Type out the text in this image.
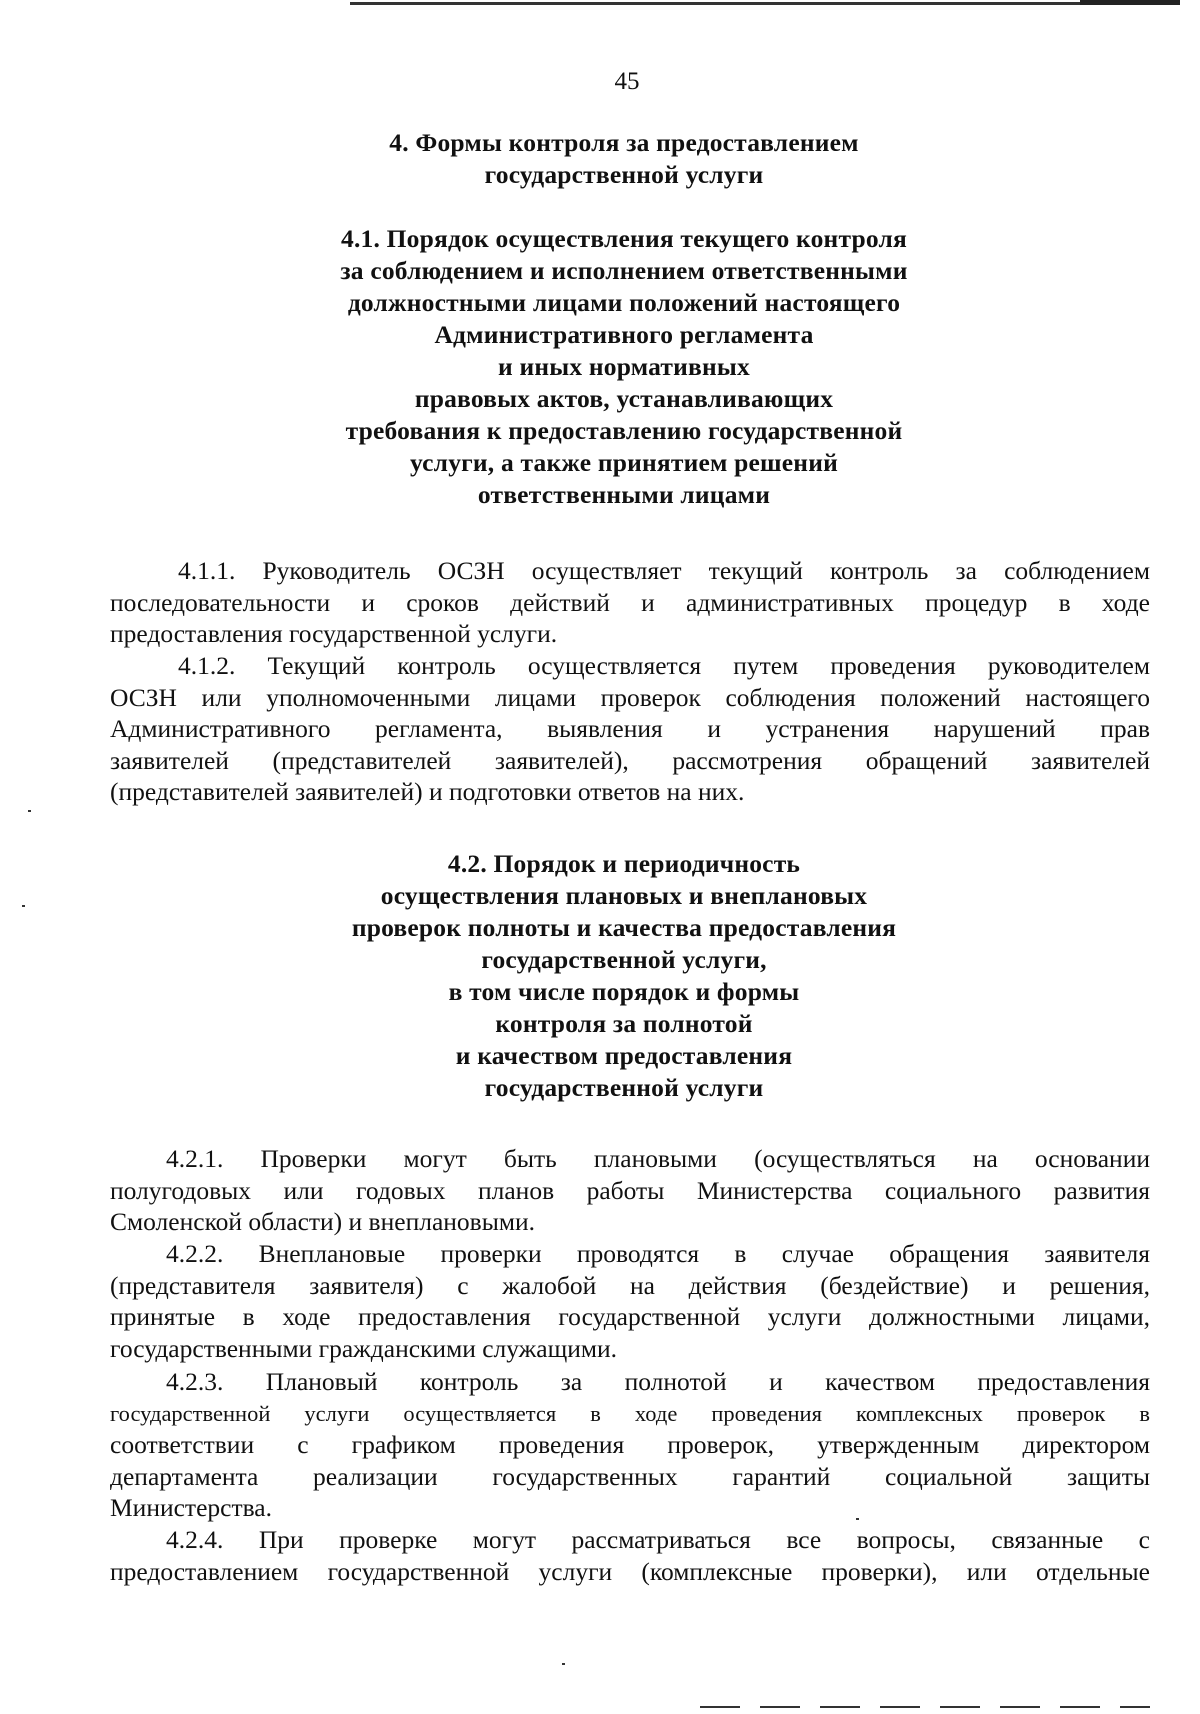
45
4. Формы контроля за предоставлением
государственной услуги
4.1. Порядок осуществления текущего контроля
за соблюдением и исполнением ответственными
должностными лицами положений настоящего
Административного регламента
и иных нормативных
правовых актов, устанавливающих
требования к предоставлению государственной
услуги, а также принятием решений
ответственными лицами
4.1.1. Руководитель ОСЗН осуществляет текущий контроль за соблюдением
последовательности и сроков действий и административных процедур в ходе
предоставления государственной услуги.
4.1.2. Текущий контроль осуществляется путем проведения руководителем
ОСЗН или уполномоченными лицами проверок соблюдения положений настоящего
Административного регламента, выявления и устранения нарушений прав
заявителей (представителей заявителей), рассмотрения обращений заявителей
(представителей заявителей) и подготовки ответов на них.
4.2. Порядок и периодичность
осуществления плановых и внеплановых
проверок полноты и качества предоставления
государственной услуги,
в том числе порядок и формы
контроля за полнотой
и качеством предоставления
государственной услуги
4.2.1. Проверки могут быть плановыми (осуществляться на основании
полугодовых или годовых планов работы Министерства социального развития
Смоленской области) и внеплановыми.
4.2.2. Внеплановые проверки проводятся в случае обращения заявителя
(представителя заявителя) с жалобой на действия (бездействие) и решения,
принятые в ходе предоставления государственной услуги должностными лицами,
государственными гражданскими служащими.
4.2.3. Плановый контроль за полнотой и качеством предоставления
государственной услуги осуществляется в ходе проведения комплексных проверок в
соответствии с графиком проведения проверок, утвержденным директором
департамента реализации государственных гарантий социальной защиты
Министерства.
4.2.4. При проверке могут рассматриваться все вопросы, связанные с
предоставлением государственной услуги (комплексные проверки), или отдельные
